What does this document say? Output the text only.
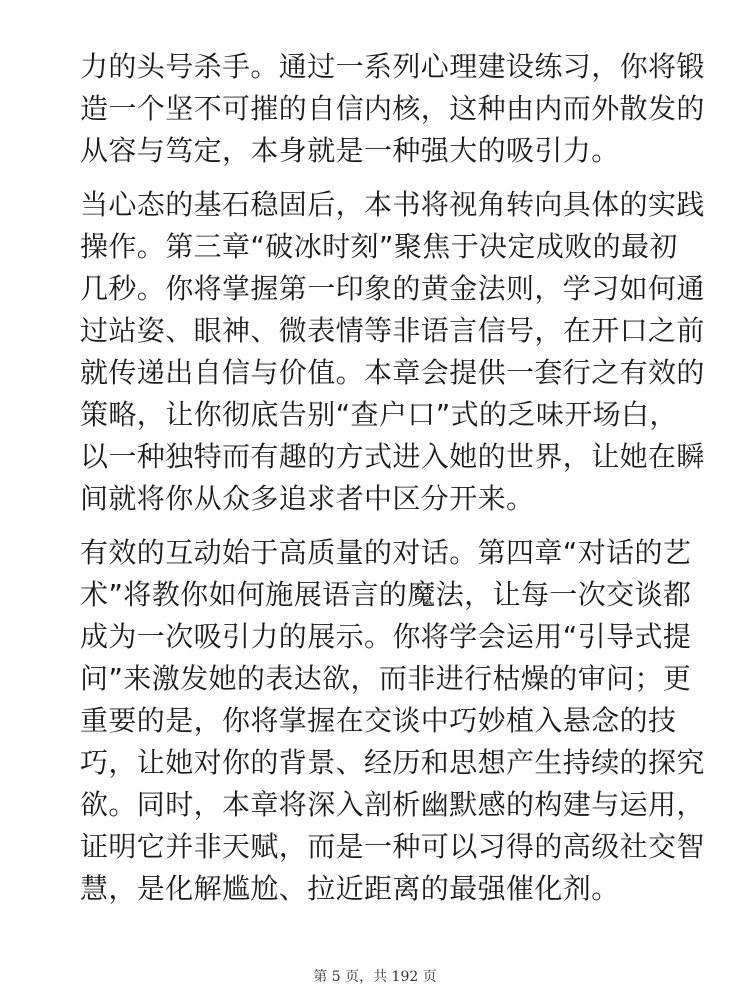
力的头号杀手。通过一系列心理建设练习，你将锻
造一个坚不可摧的自信内核，这种由内而外散发的
从容与笃定，本身就是一种强大的吸引力。

当心态的基石稳固后，本书将视角转向具体的实践
操作。第三章“破冰时刻”聚焦于决定成败的最初
几秒。你将掌握第一印象的黄金法则，学习如何通
过站姿、眼神、微表情等非语言信号，在开口之前
就传递出自信与价值。本章会提供一套行之有效的
策略，让你彻底告别“查户口”式的乏味开场白，
以一种独特而有趣的方式进入她的世界，让她在瞬
间就将你从众多追求者中区分开来。

有效的互动始于高质量的对话。第四章“对话的艺
术”将教你如何施展语言的魔法，让每一次交谈都
成为一次吸引力的展示。你将学会运用“引导式提
问”来激发她的表达欲，而非进行枯燥的审问；更
重要的是，你将掌握在交谈中巧妙植入悬念的技
巧，让她对你的背景、经历和思想产生持续的探究
欲。同时，本章将深入剖析幽默感的构建与运用，
证明它并非天赋，而是一种可以习得的高级社交智
慧，是化解尴尬、拉近距离的最强催化剂。

第 5 页，共 192 页
